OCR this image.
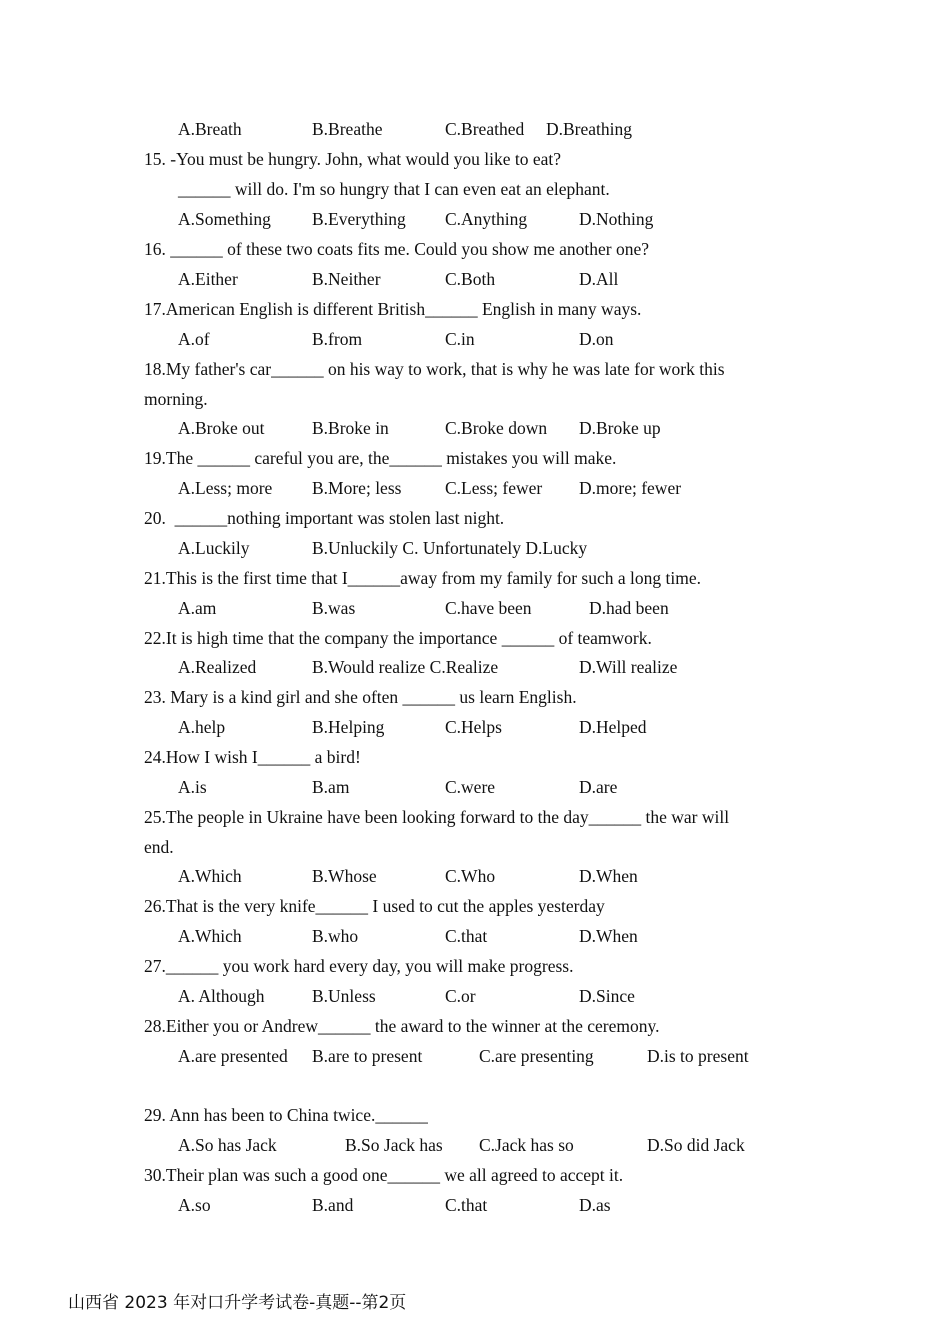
A.Breath	B.Breathe	C.Breathed D.Breathing
15. -You must be hungry. John, what would you like to eat?
______ will do. I'm so hungry that I can even eat an elephant.
A.Something B.Everything C.Anything	D.Nothing
16. ______ of these two coats fits me. Could you show me another one?
A.Either	B.Neither	C.Both	D.All
17.American English is different British______ English in many ways.
A.of	B.from	C.in	D.on
18.My father's car______ on his way to work, that is why he was late for work this
morning.
A.Broke out	B.Broke in	C.Broke down D.Broke up
19.The ______ careful you are, the______ mistakes you will make.
A.Less; more B.More; less C.Less; fewer D.more; fewer
20.  ______nothing important was stolen last night.
A.Luckily	B.Unluckily C. Unfortunately D.Lucky
21.This is the first time that I______away from my family for such a long time.
A.am	B.was	C.have been	D.had been
22.It is high time that the company the importance ______ of teamwork.
A.Realized	B.Would realize C.Realize	D.Will realize
23. Mary is a kind girl and she often ______ us learn English.
A.help	B.Helping	C.Helps	D.Helped
24.How I wish I______ a bird!
A.is	B.am	C.were	D.are
25.The people in Ukraine have been looking forward to the day______ the war will
end.
A.Which	B.Whose	C.Who	D.When
26.That is the very knife______ I used to cut the apples yesterday
A.Which	B.who	C.that	D.When
27.______ you work hard every day, you will make progress.
A. Although	B.Unless	C.or	D.Since
28.Either you or Andrew______ the award to the winner at the ceremony.
A.are presented B.are to present	C.are presenting	D.is to present
29. Ann has been to China twice.______
A.So has Jack	B.So Jack has C.Jack has so	D.So did Jack
30.Their plan was such a good one______ we all agreed to accept it.
A.so	B.and	C.that	D.as
山西省 2023 年对口升学考试卷-真题--第2页
